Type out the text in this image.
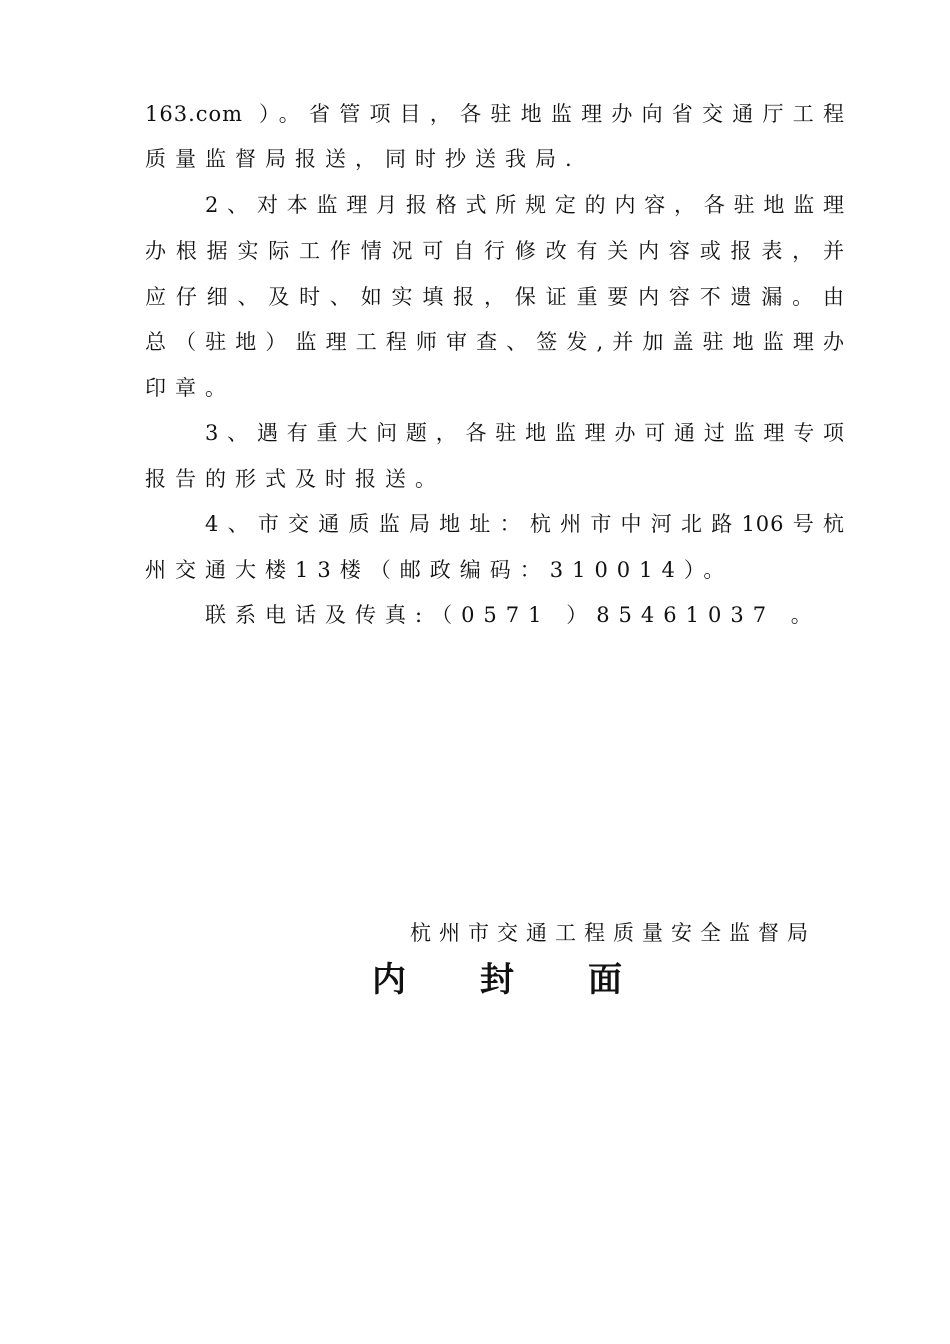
163.com ）。省管项目，各驻地监理办向省交通厅工程
质量监督局报送，同时抄送我局.
2、对本监理月报格式所规定的内容，各驻地监理
办根据实际工作情况可自行修改有关内容或报表，并
应仔细、及时、如实填报，保证重要内容不遗漏。由
总（驻地）监理工程师审查、签发,并加盖驻地监理办
印章。
3、遇有重大问题，各驻地监理办可通过监理专项
报告的形式及时报送。
4、市交通质监局地址：杭州市中河北路106号杭
州交通大楼13楼（邮政编码：310014）。
联系电话及传真:（0571 ）85461037 。
杭州市交通工程质量安全监督局
内 封 面
